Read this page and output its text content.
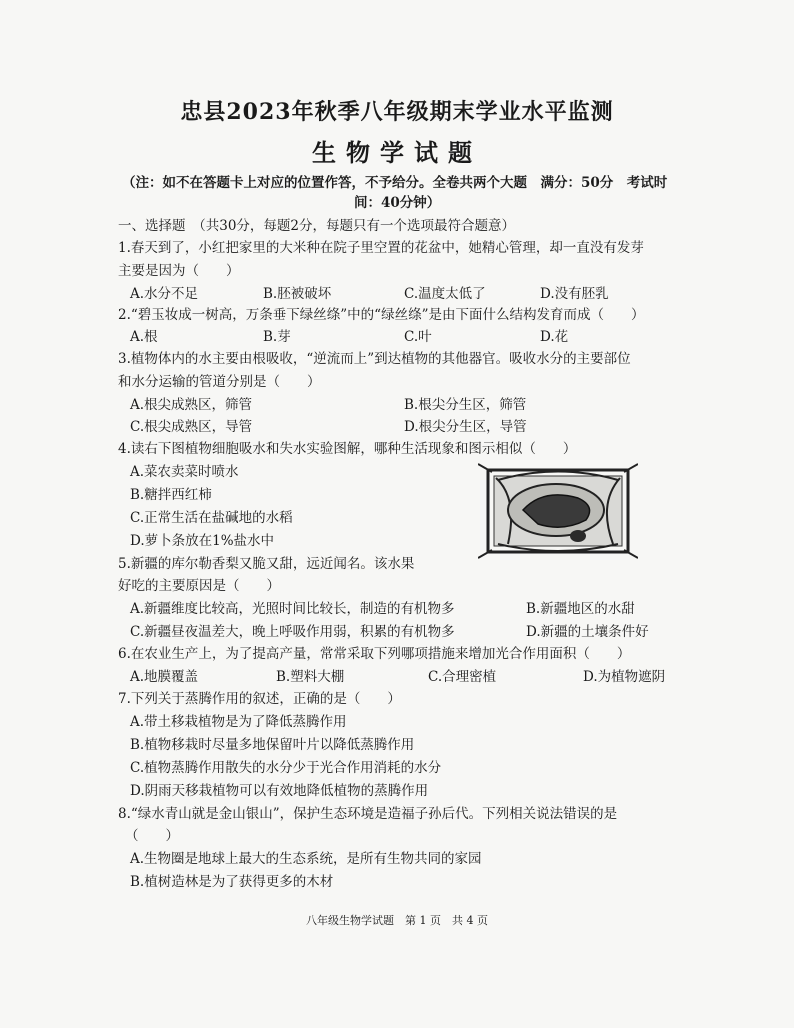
忠县2023年秋季八年级期末学业水平监测
生物学试题
（注：如不在答题卡上对应的位置作答，不予给分。全卷共两个大题　满分：50分　考试时
间：40分钟）
一、选择题　（共30分，每题2分，每题只有一个选项最符合题意）
1.春天到了，小红把家里的大米种在院子里空置的花盆中，她精心管理，却一直没有发芽
主要是因为（　　）
A.水分不足	B.胚被破坏	C.温度太低了	D.没有胚乳
2.“碧玉妆成一树高，万条垂下绿丝绦”中的“绿丝绦”是由下面什么结构发育而成（　　）
A.根	B.芽	C.叶	D.花
3.植物体内的水主要由根吸收，“逆流而上”到达植物的其他器官。吸收水分的主要部位
和水分运输的管道分别是（　　）
A.根尖成熟区，筛管	B.根尖分生区，筛管
C.根尖成熟区，导管	D.根尖分生区，导管
4.读右下图植物细胞吸水和失水实验图解，哪种生活现象和图示相似（　　）
A.菜农卖菜时喷水
B.糖拌西红柿
C.正常生活在盐碱地的水稻
D.萝卜条放在1%盐水中
5.新疆的库尔勒香梨又脆又甜，远近闻名。该水果
好吃的主要原因是（　　）
A.新疆维度比较高，光照时间比较长，制造的有机物多	B.新疆地区的水甜
C.新疆昼夜温差大，晚上呼吸作用弱，积累的有机物多	D.新疆的土壤条件好
6.在农业生产上，为了提高产量，常常采取下列哪项措施来增加光合作用面积（　　）
A.地膜覆盖	B.塑料大棚	C.合理密植	D.为植物遮阴
7.下列关于蒸腾作用的叙述，正确的是（　　）
A.带土移栽植物是为了降低蒸腾作用
B.植物移栽时尽量多地保留叶片以降低蒸腾作用
C.植物蒸腾作用散失的水分少于光合作用消耗的水分
D.阴雨天移栽植物可以有效地降低植物的蒸腾作用
8.“绿水青山就是金山银山”，保护生态环境是造福子孙后代。下列相关说法错误的是
（　　）
A.生物圈是地球上最大的生态系统，是所有生物共同的家园
B.植树造林是为了获得更多的木材
八年级生物学试题　第 1 页　共 4 页
